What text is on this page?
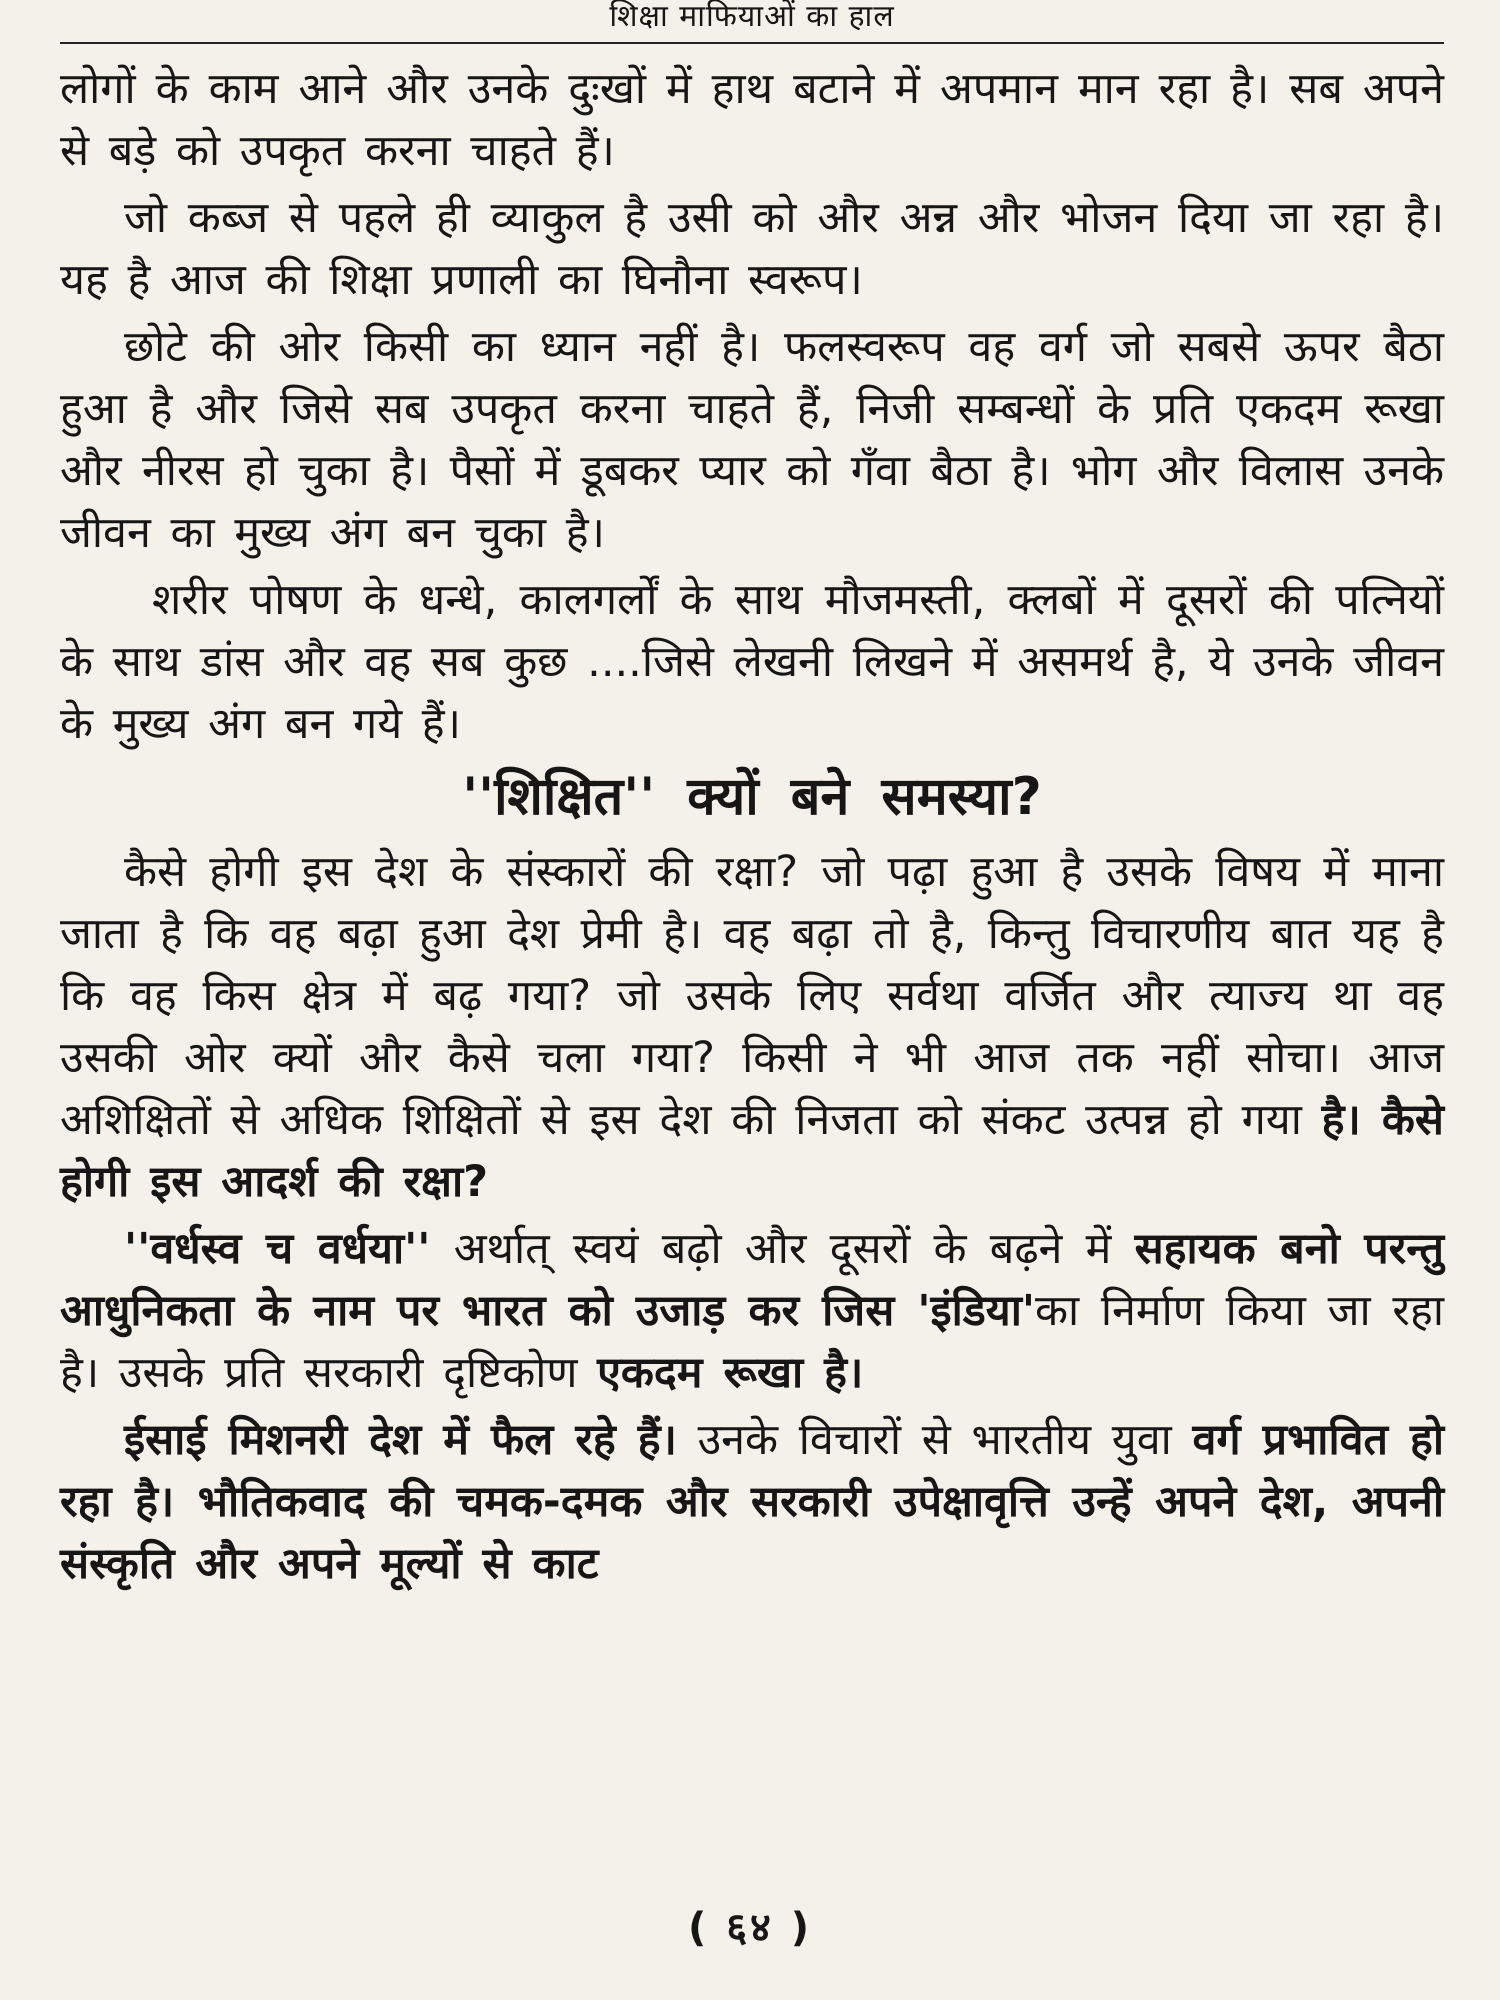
शिक्षा माफियाओं का हाल

लोगों के काम आने और उनके दुःखों में हाथ बटाने में अपमान मान रहा है। सब अपने से बड़े को उपकृत करना चाहते हैं।

जो कब्ज से पहले ही व्याकुल है उसी को और अन्न और भोजन दिया जा रहा है। यह है आज की शिक्षा प्रणाली का घिनौना स्वरूप।

छोटे की ओर किसी का ध्यान नहीं है। फलस्वरूप वह वर्ग जो सबसे ऊपर बैठा हुआ है और जिसे सब उपकृत करना चाहते हैं, निजी सम्बन्धों के प्रति एकदम रूखा और नीरस हो चुका है। पैसों में डूबकर प्यार को गँवा बैठा है। भोग और विलास उनके जीवन का मुख्य अंग बन चुका है।

शरीर पोषण के धन्धे, कालगर्लों के साथ मौजमस्ती, क्लबों में दूसरों की पत्नियों के साथ डांस और वह सब कुछ ....जिसे लेखनी लिखने में असमर्थ है, ये उनके जीवन के मुख्य अंग बन गये हैं।

''शिक्षित'' क्यों बने समस्या?

कैसे होगी इस देश के संस्कारों की रक्षा? जो पढ़ा हुआ है उसके विषय में माना जाता है कि वह बढ़ा हुआ देश प्रेमी है। वह बढ़ा तो है, किन्तु विचारणीय बात यह है कि वह किस क्षेत्र में बढ़ गया? जो उसके लिए सर्वथा वर्जित और त्याज्य था वह उसकी ओर क्यों और कैसे चला गया? किसी ने भी आज तक नहीं सोचा। आज अशिक्षितों से अधिक शिक्षितों से इस देश की निजता को संकट उत्पन्न हो गया है। कैसे होगी इस आदर्श की रक्षा?

''वर्धस्व च वर्धया'' अर्थात् स्वयं बढ़ो और दूसरों के बढ़ने में सहायक बनो परन्तु आधुनिकता के नाम पर भारत को उजाड़ कर जिस 'इंडिया'का निर्माण किया जा रहा है। उसके प्रति सरकारी दृष्टिकोण एकदम रूखा है।

ईसाई मिशनरी देश में फैल रहे हैं। उनके विचारों से भारतीय युवा वर्ग प्रभावित हो रहा है। भौतिकवाद की चमक-दमक और सरकारी उपेक्षावृत्ति उन्हें अपने देश, अपनी संस्कृति और अपने मूल्यों से काट

( ६४ )
